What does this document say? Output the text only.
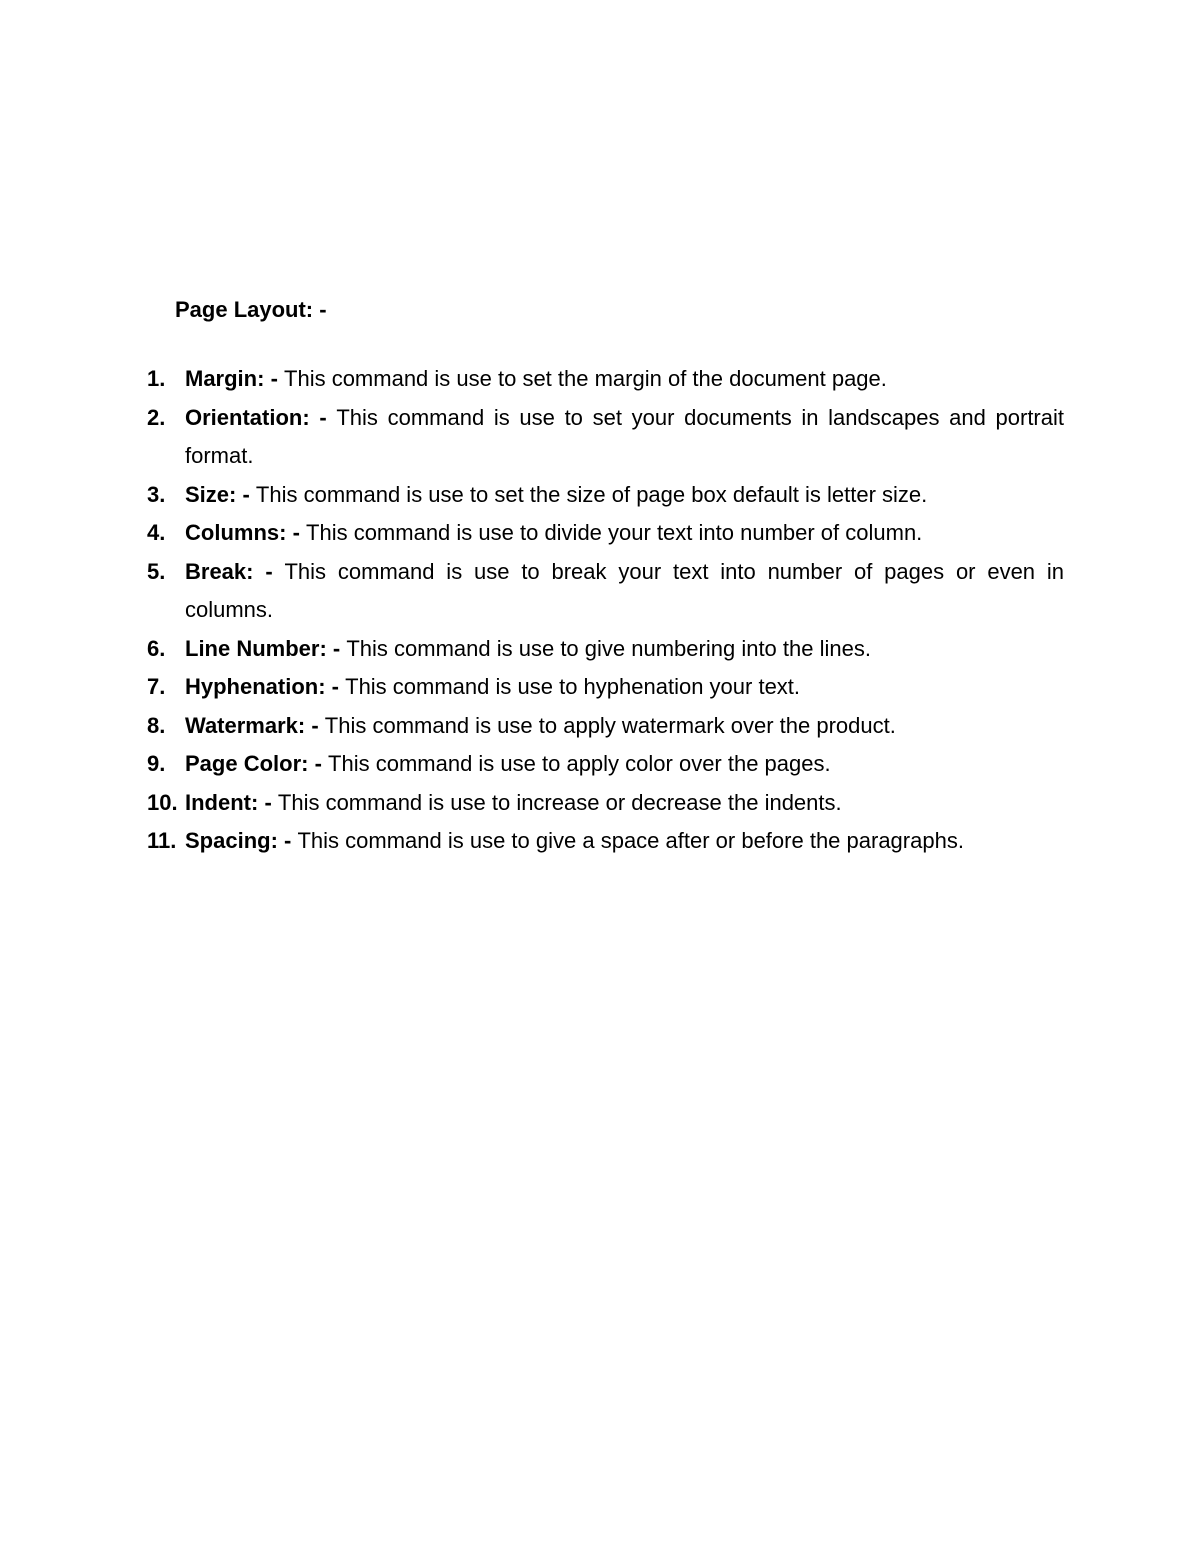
Page Layout: -
1. Margin: - This command is use to set the margin of the document page.
2. Orientation: - This command is use to set your documents in landscapes and portrait format.
3. Size: - This command is use to set the size of page box default is letter size.
4. Columns: - This command is use to divide your text into number of column.
5. Break: - This command is use to break your text into number of pages or even in columns.
6. Line Number: - This command is use to give numbering into the lines.
7. Hyphenation: - This command is use to hyphenation your text.
8. Watermark: - This command is use to apply watermark over the product.
9. Page Color: - This command is use to apply color over the pages.
10. Indent: - This command is use to increase or decrease the indents.
11. Spacing: - This command is use to give a space after or before the paragraphs.
